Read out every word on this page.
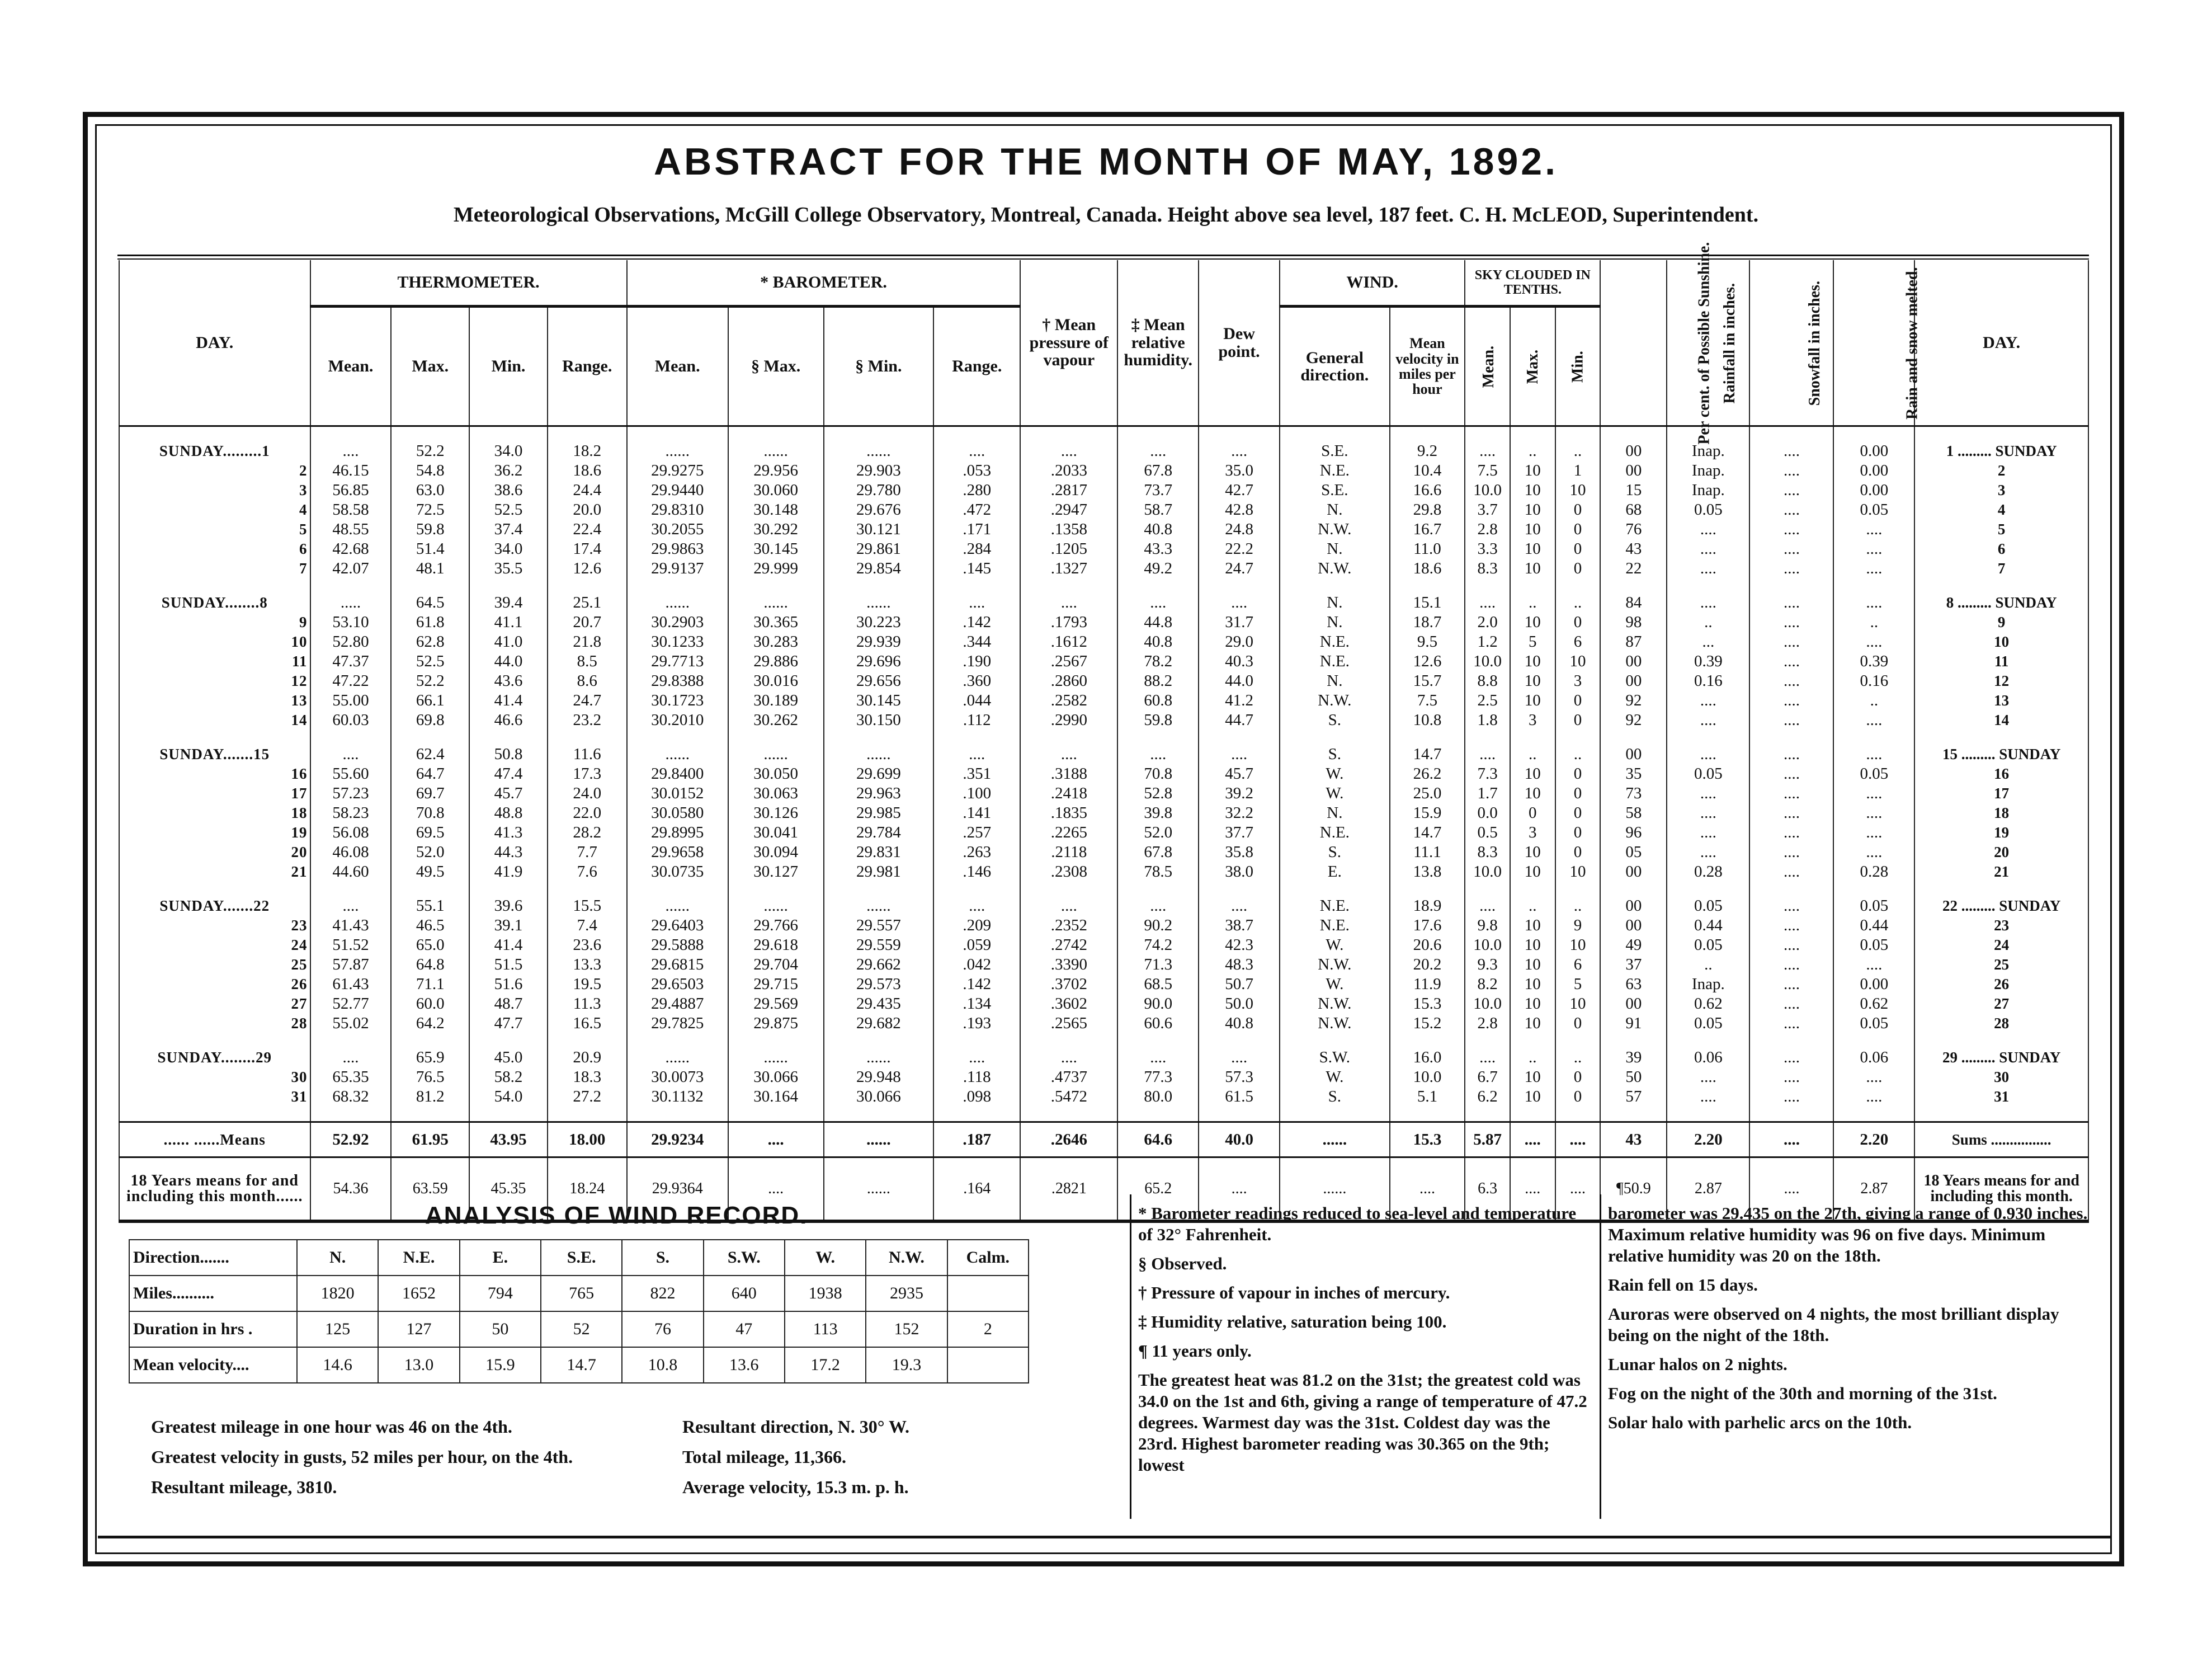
ABSTRACT FOR THE MONTH OF MAY, 1892.
Meteorological Observations, McGill College Observatory, Montreal, Canada. Height above sea level, 187 feet. C. H. McLEOD, Superintendent.
DAY.	THERMOMETER.				* BAROMETER.				† Mean pressure of vapour	‡ Mean relative humidity.	Dew point.	WIND.		SKY CLOUDED IN TENTHS.			Per cent. of Possible Sunshine.	Rainfall in inches.	Snowfall in inches.	Rain and snow melted.	DAY.
	Mean.	Max.	Min.	Range.	Mean.	§ Max.	§ Min.	Range.				General direction.	Mean velocity in miles per hour	Mean.	Max.	Min.					

SUNDAY.........1	....	52.2	34.0	18.2	......	......	......	....	....	....	....	S.E.	9.2	....	..	..	00	Inap.	....	0.00	1 ......... SUNDAY
2	46.15	54.8	36.2	18.6	29.9275	29.956	29.903	.053	.2033	67.8	35.0	N.E.	10.4	7.5	10	1	00	Inap.	....	0.00	2
3	56.85	63.0	38.6	24.4	29.9440	30.060	29.780	.280	.2817	73.7	42.7	S.E.	16.6	10.0	10	10	15	Inap.	....	0.00	3
4	58.58	72.5	52.5	20.0	29.8310	30.148	29.676	.472	.2947	58.7	42.8	N.	29.8	3.7	10	0	68	0.05	....	0.05	4
5	48.55	59.8	37.4	22.4	30.2055	30.292	30.121	.171	.1358	40.8	24.8	N.W.	16.7	2.8	10	0	76	....	....	....	5
6	42.68	51.4	34.0	17.4	29.9863	30.145	29.861	.284	.1205	43.3	22.2	N.	11.0	3.3	10	0	43	....	....	....	6
7	42.07	48.1	35.5	12.6	29.9137	29.999	29.854	.145	.1327	49.2	24.7	N.W.	18.6	8.3	10	0	22	....	....	....	7

SUNDAY........8	.....	64.5	39.4	25.1	......	......	......	....	....	....	....	N.	15.1	....	..	..	84	....	....	....	8 ......... SUNDAY
9	53.10	61.8	41.1	20.7	30.2903	30.365	30.223	.142	.1793	44.8	31.7	N.	18.7	2.0	10	0	98	..	....	..	9
10	52.80	62.8	41.0	21.8	30.1233	30.283	29.939	.344	.1612	40.8	29.0	N.E.	9.5	1.2	5	6	87	...	....	....	10
11	47.37	52.5	44.0	8.5	29.7713	29.886	29.696	.190	.2567	78.2	40.3	N.E.	12.6	10.0	10	10	00	0.39	....	0.39	11
12	47.22	52.2	43.6	8.6	29.8388	30.016	29.656	.360	.2860	88.2	44.0	N.	15.7	8.8	10	3	00	0.16	....	0.16	12
13	55.00	66.1	41.4	24.7	30.1723	30.189	30.145	.044	.2582	60.8	41.2	N.W.	7.5	2.5	10	0	92	....	....	..	13
14	60.03	69.8	46.6	23.2	30.2010	30.262	30.150	.112	.2990	59.8	44.7	S.	10.8	1.8	3	0	92	....	....	....	14

SUNDAY.......15	....	62.4	50.8	11.6	......	......	......	....	....	....	....	S.	14.7	....	..	..	00	....	....	....	15 ......... SUNDAY
16	55.60	64.7	47.4	17.3	29.8400	30.050	29.699	.351	.3188	70.8	45.7	W.	26.2	7.3	10	0	35	0.05	....	0.05	16
17	57.23	69.7	45.7	24.0	30.0152	30.063	29.963	.100	.2418	52.8	39.2	W.	25.0	1.7	10	0	73	....	....	....	17
18	58.23	70.8	48.8	22.0	30.0580	30.126	29.985	.141	.1835	39.8	32.2	N.	15.9	0.0	0	0	58	....	....	....	18
19	56.08	69.5	41.3	28.2	29.8995	30.041	29.784	.257	.2265	52.0	37.7	N.E.	14.7	0.5	3	0	96	....	....	....	19
20	46.08	52.0	44.3	7.7	29.9658	30.094	29.831	.263	.2118	67.8	35.8	S.	11.1	8.3	10	0	05	....	....	....	20
21	44.60	49.5	41.9	7.6	30.0735	30.127	29.981	.146	.2308	78.5	38.0	E.	13.8	10.0	10	10	00	0.28	....	0.28	21

SUNDAY.......22	....	55.1	39.6	15.5	......	......	......	....	....	....	....	N.E.	18.9	....	..	..	00	0.05	....	0.05	22 ......... SUNDAY
23	41.43	46.5	39.1	7.4	29.6403	29.766	29.557	.209	.2352	90.2	38.7	N.E.	17.6	9.8	10	9	00	0.44	....	0.44	23
24	51.52	65.0	41.4	23.6	29.5888	29.618	29.559	.059	.2742	74.2	42.3	W.	20.6	10.0	10	10	49	0.05	....	0.05	24
25	57.87	64.8	51.5	13.3	29.6815	29.704	29.662	.042	.3390	71.3	48.3	N.W.	20.2	9.3	10	6	37	..	....	....	25
26	61.43	71.1	51.6	19.5	29.6503	29.715	29.573	.142	.3702	68.5	50.7	W.	11.9	8.2	10	5	63	Inap.	....	0.00	26
27	52.77	60.0	48.7	11.3	29.4887	29.569	29.435	.134	.3602	90.0	50.0	N.W.	15.3	10.0	10	10	00	0.62	....	0.62	27
28	55.02	64.2	47.7	16.5	29.7825	29.875	29.682	.193	.2565	60.6	40.8	N.W.	15.2	2.8	10	0	91	0.05	....	0.05	28

SUNDAY........29	....	65.9	45.0	20.9	......	......	......	....	....	....	....	S.W.	16.0	....	..	..	39	0.06	....	0.06	29 ......... SUNDAY
30	65.35	76.5	58.2	18.3	30.0073	30.066	29.948	.118	.4737	77.3	57.3	W.	10.0	6.7	10	0	50	....	....	....	30
31	68.32	81.2	54.0	27.2	30.1132	30.164	30.066	.098	.5472	80.0	61.5	S.	5.1	6.2	10	0	57	....	....	....	31

...... ......Means	52.92	61.95	43.95	18.00	29.9234	....	......	.187	.2646	64.6	40.0	......	15.3	5.87	....	....	43	2.20	....	2.20	Sums ................
18 Years means for and including this month......	54.36	63.59	45.35	18.24	29.9364	....	......	.164	.2821	65.2	....	......	....	6.3	....	....	¶50.9	2.87	....	2.87	18 Years means for and including this month.
ANALYSIS OF WIND RECORD.
Direction.......	N.	N.E.	E.	S.E.	S.	S.W.	W.	N.W.	Calm.
Miles..........	1820	1652	794	765	822	640	1938	2935	
Duration in hrs .	125	127	50	52	76	47	113	152	2
Mean velocity....	14.6	13.0	15.9	14.7	10.8	13.6	17.2	19.3	

Greatest mileage in one hour was 46 on the 4th.

Greatest velocity in gusts, 52 miles per hour, on the 4th.

Resultant mileage, 3810.

Resultant direction, N. 30° W.

Total mileage, 11,366.

Average velocity, 15.3 m. p. h.

* Barometer readings reduced to sea-level and temperature of 32° Fahrenheit.

§ Observed.

† Pressure of vapour in inches of mercury.

‡ Humidity relative, saturation being 100.

¶ 11 years only.

The greatest heat was 81.2 on the 31st; the greatest cold was 34.0 on the 1st and 6th, giving a range of temperature of 47.2 degrees. Warmest day was the 31st. Coldest day was the 23rd. Highest barometer reading was 30.365 on the 9th; lowest

barometer was 29.435 on the 27th, giving a range of 0.930 inches. Maximum relative humidity was 96 on five days. Minimum relative humidity was 20 on the 18th.

Rain fell on 15 days.

Auroras were observed on 4 nights, the most brilliant display being on the night of the 18th.

Lunar halos on 2 nights.

Fog on the night of the 30th and morning of the 31st.

Solar halo with parhelic arcs on the 10th.
